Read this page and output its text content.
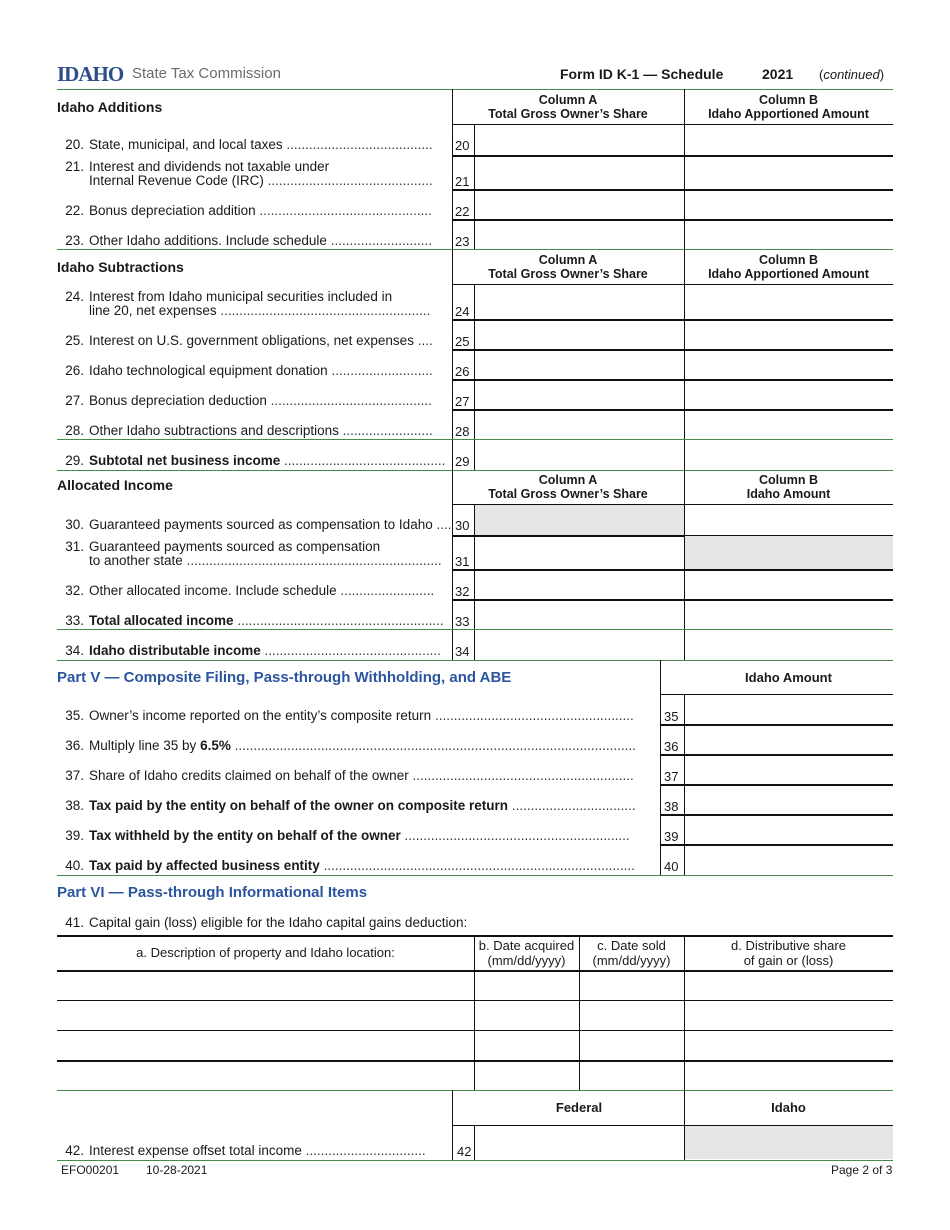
IDAHO State Tax Commission	Form ID K-1 — Schedule	2021 (continued)
Idaho Additions	Column A
Total Gross Owner’s Share
Column B
Idaho Apportioned Amount
20. State, municipal, and local taxes .......................................	20
21. Interest and dividends not taxable under
Internal Revenue Code (IRC) ............................................	21
22. Bonus depreciation addition ..............................................	22
23. Other Idaho additions. Include schedule ...........................	23
Idaho Subtractions	Column A
Total Gross Owner’s Share
Column B
Idaho Apportioned Amount
24. Interest from Idaho municipal securities included in
line 20, net expenses ........................................................	24
25. Interest on U.S. government obligations, net expenses ....	25
26. Idaho technological equipment donation ...........................	26
27. Bonus depreciation deduction ...........................................	27
28. Other Idaho subtractions and descriptions ........................	28
29. Subtotal net business income ........................................... 29
Allocated Income	Column A
Total Gross Owner’s Share
Column B
Idaho Amount
30. Guaranteed payments sourced as compensation to Idaho .... 30
31. Guaranteed payments sourced as compensation
to another state .................................................................... 31
32. Other allocated income. Include schedule .........................	32
33. Total allocated income ....................................................... 33
34. Idaho distributable income ............................................... 34
Part V — Composite Filing, Pass-through Withholding, and ABE	Idaho Amount
35. Owner’s income reported on the entity’s composite return .....................................................	35
36. Multiply line 35 by 6.5% ...........................................................................................................	36
37. Share of Idaho credits claimed on behalf of the owner ...........................................................	37
38. Tax paid by the entity on behalf of the owner on composite return .................................	38
39. Tax withheld by the entity on behalf of the owner ............................................................	39
40. Tax paid by affected business entity ...................................................................................	40
Part VI — Pass-through Informational Items
41. Capital gain (loss) eligible for the Idaho capital gains deduction:
a. Description of property and Idaho location:	b. Date acquired
(mm/dd/yyyy)
c. Date sold
(mm/dd/yyyy)
d. Distributive share
of gain or (loss)
Federal	Idaho
42. Interest expense offset total income ................................	42
EFO00201 10-28-2021	Page 2 of 3
